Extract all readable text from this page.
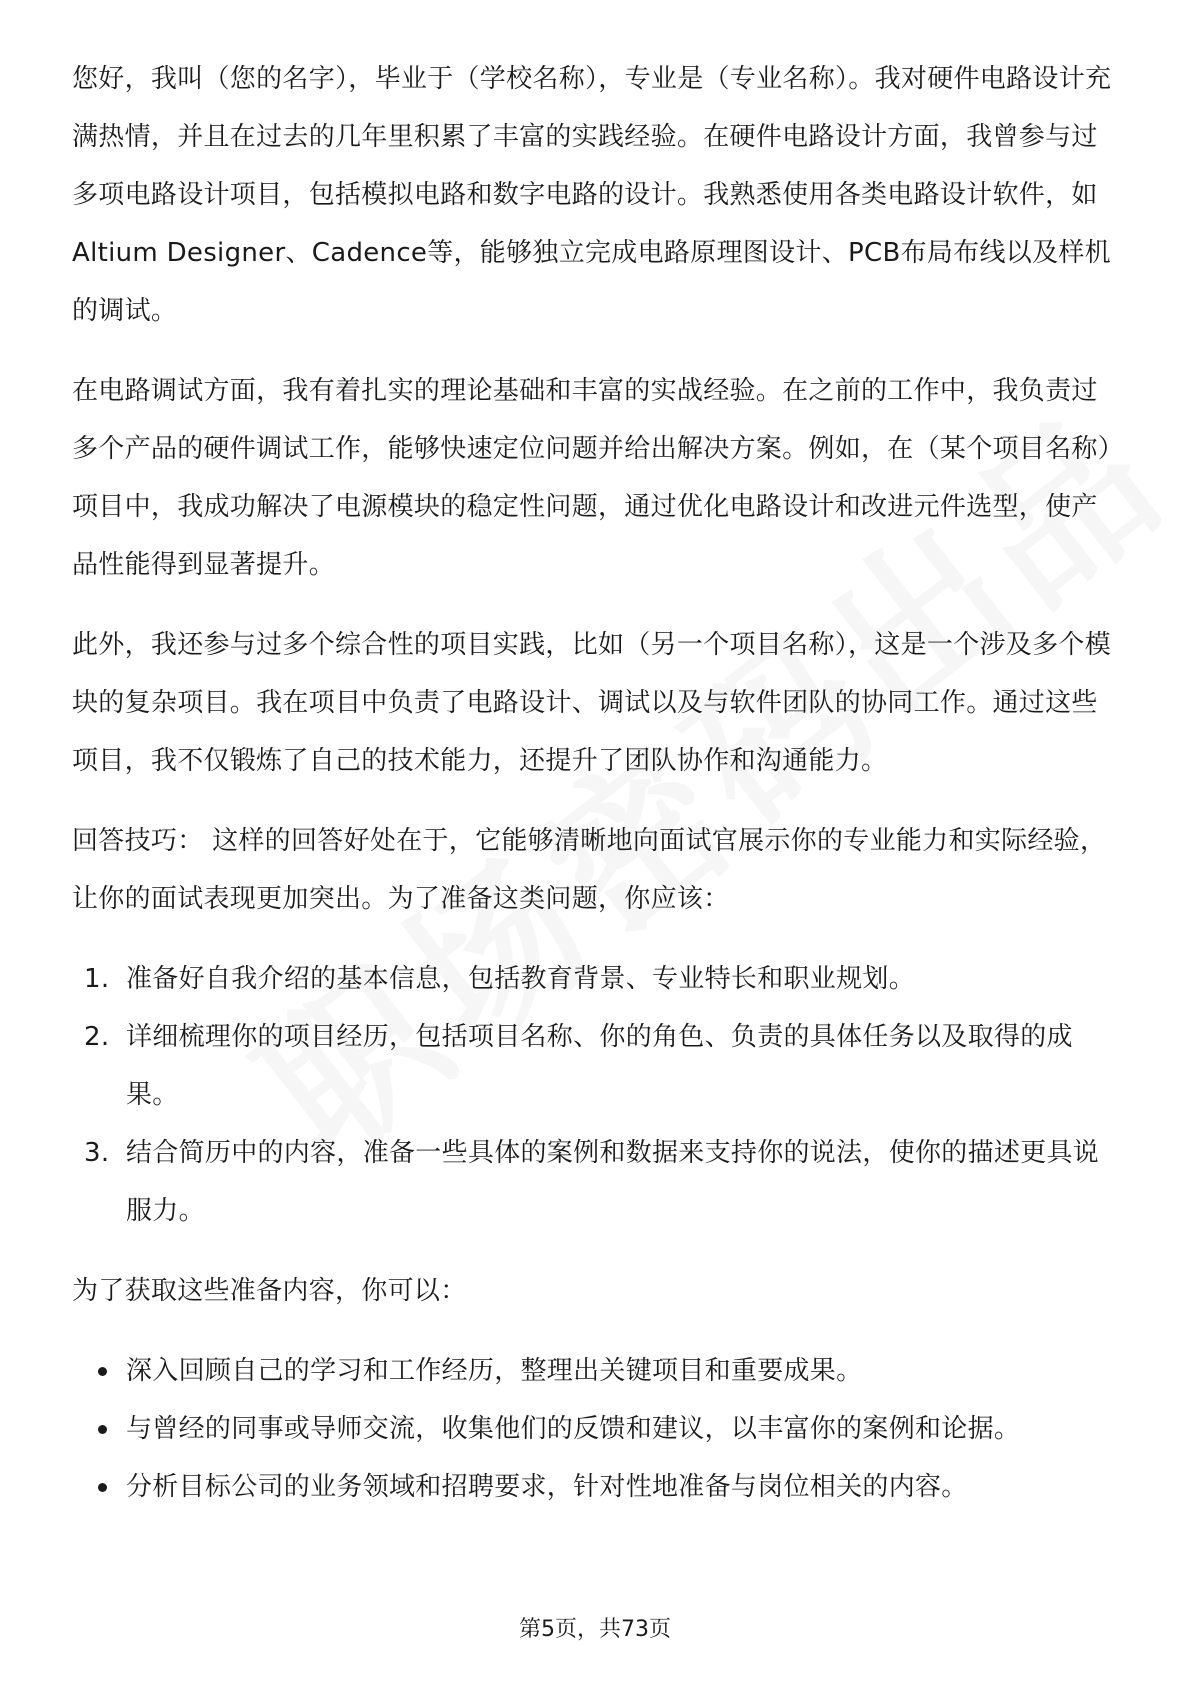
您好，我叫（您的名字），毕业于（学校名称），专业是（专业名称）。我对硬件电路设计充满热情，并且在过去的几年里积累了丰富的实践经验。在硬件电路设计方面，我曾参与过多项电路设计项目，包括模拟电路和数字电路的设计。我熟悉使用各类电路设计软件，如Altium Designer、Cadence等，能够独立完成电路原理图设计、PCB布局布线以及样机的调试。

在电路调试方面，我有着扎实的理论基础和丰富的实战经验。在之前的工作中，我负责过多个产品的硬件调试工作，能够快速定位问题并给出解决方案。例如，在（某个项目名称）项目中，我成功解决了电源模块的稳定性问题，通过优化电路设计和改进元件选型，使产品性能得到显著提升。

此外，我还参与过多个综合性的项目实践，比如（另一个项目名称），这是一个涉及多个模块的复杂项目。我在项目中负责了电路设计、调试以及与软件团队的协同工作。通过这些项目，我不仅锻炼了自己的技术能力，还提升了团队协作和沟通能力。

回答技巧： 这样的回答好处在于，它能够清晰地向面试官展示你的专业能力和实际经验，让你的面试表现更加突出。为了准备这类问题，你应该：

1. 准备好自我介绍的基本信息，包括教育背景、专业特长和职业规划。
2. 详细梳理你的项目经历，包括项目名称、你的角色、负责的具体任务以及取得的成果。
3. 结合简历中的内容，准备一些具体的案例和数据来支持你的说法，使你的描述更具说服力。

为了获取这些准备内容，你可以：

深入回顾自己的学习和工作经历，整理出关键项目和重要成果。
与曾经的同事或导师交流，收集他们的反馈和建议，以丰富你的案例和论据。
分析目标公司的业务领域和招聘要求，针对性地准备与岗位相关的内容。
第5页，共73页
